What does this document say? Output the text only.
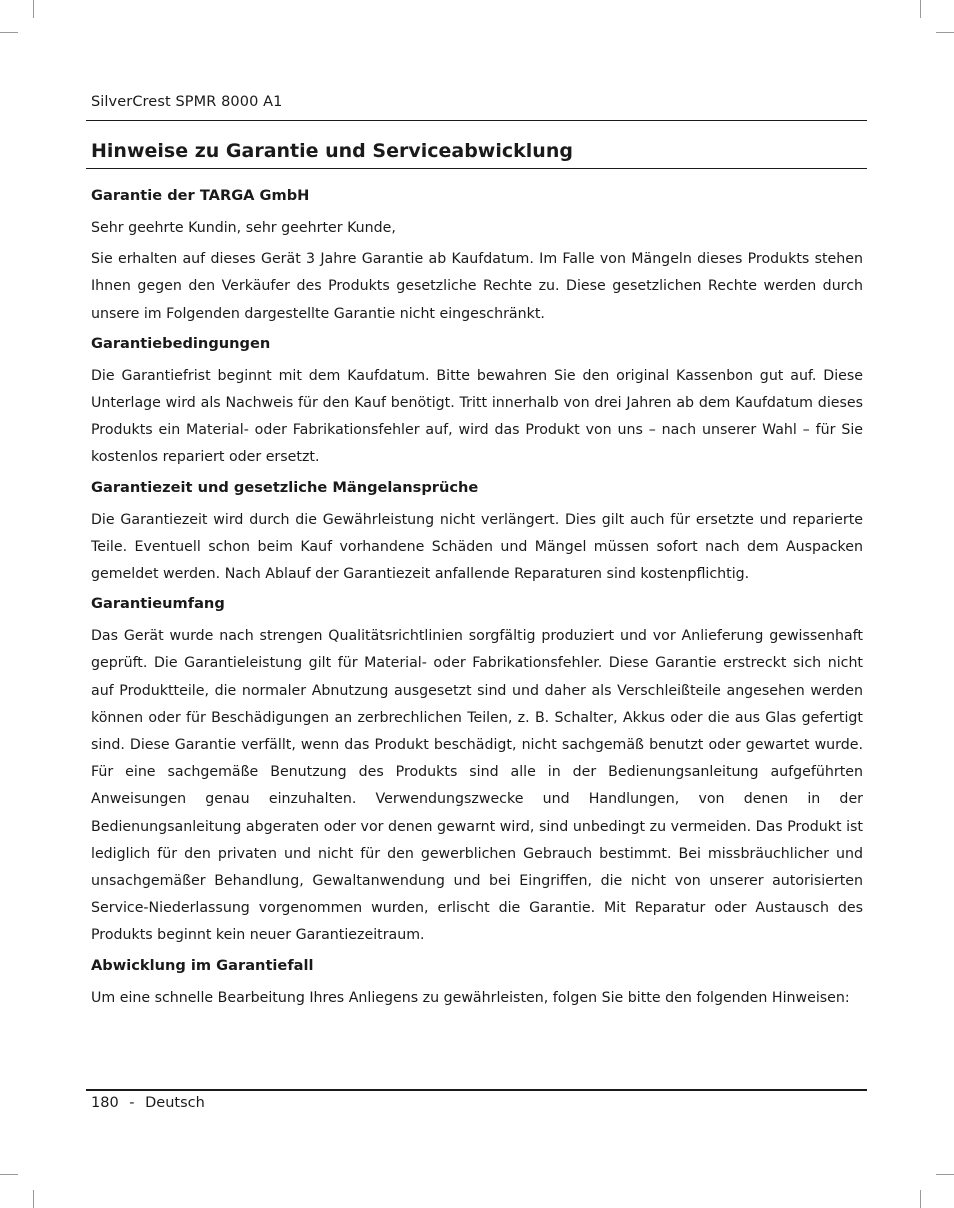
SilverCrest SPMR 8000 A1
Hinweise zu Garantie und Serviceabwicklung
Garantie der TARGA GmbH

Sehr geehrte Kundin, sehr geehrter Kunde,

Sie erhalten auf dieses Gerät 3 Jahre Garantie ab Kaufdatum. Im Falle von Mängeln dieses Produkts stehen Ihnen gegen den Verkäufer des Produkts gesetzliche Rechte zu. Diese gesetzlichen Rechte werden durch unsere im Folgenden dargestellte Garantie nicht eingeschränkt.

Garantiebedingungen

Die Garantiefrist beginnt mit dem Kaufdatum. Bitte bewahren Sie den original Kassenbon gut auf. Diese Unterlage wird als Nachweis für den Kauf benötigt. Tritt innerhalb von drei Jahren ab dem Kaufdatum dieses Produkts ein Material- oder Fabrikationsfehler auf, wird das Produkt von uns – nach unserer Wahl – für Sie kostenlos repariert oder ersetzt.

Garantiezeit und gesetzliche Mängelansprüche

Die Garantiezeit wird durch die Gewährleistung nicht verlängert. Dies gilt auch für ersetzte und reparierte Teile. Eventuell schon beim Kauf vorhandene Schäden und Mängel müssen sofort nach dem Auspacken gemeldet werden. Nach Ablauf der Garantiezeit anfallende Reparaturen sind kostenpflichtig.

Garantieumfang

Das Gerät wurde nach strengen Qualitätsrichtlinien sorgfältig produziert und vor Anlieferung gewissenhaft geprüft. Die Garantieleistung gilt für Material- oder Fabrikationsfehler. Diese Garantie erstreckt sich nicht auf Produktteile, die normaler Abnutzung ausgesetzt sind und daher als Verschleißteile angesehen werden können oder für Beschädigungen an zerbrechlichen Teilen, z. B. Schalter, Akkus oder die aus Glas gefertigt sind. Diese Garantie verfällt, wenn das Produkt beschädigt, nicht sachgemäß benutzt oder gewartet wurde. Für eine sachgemäße Benutzung des Produkts sind alle in der Bedienungsanleitung aufgeführten Anweisungen genau einzuhalten. Verwendungszwecke und Handlungen, von denen in der Bedienungsanleitung abgeraten oder vor denen gewarnt wird, sind unbedingt zu vermeiden. Das Produkt ist lediglich für den privaten und nicht für den gewerblichen Gebrauch bestimmt. Bei missbräuchlicher und unsachgemäßer Behandlung, Gewaltanwendung und bei Eingriffen, die nicht von unserer autorisierten Service-Niederlassung vorgenommen wurden, erlischt die Garantie. Mit Reparatur oder Austausch des Produkts beginnt kein neuer Garantiezeitraum.

Abwicklung im Garantiefall

Um eine schnelle Bearbeitung Ihres Anliegens zu gewährleisten, folgen Sie bitte den folgenden Hinweisen:

180 - Deutsch
